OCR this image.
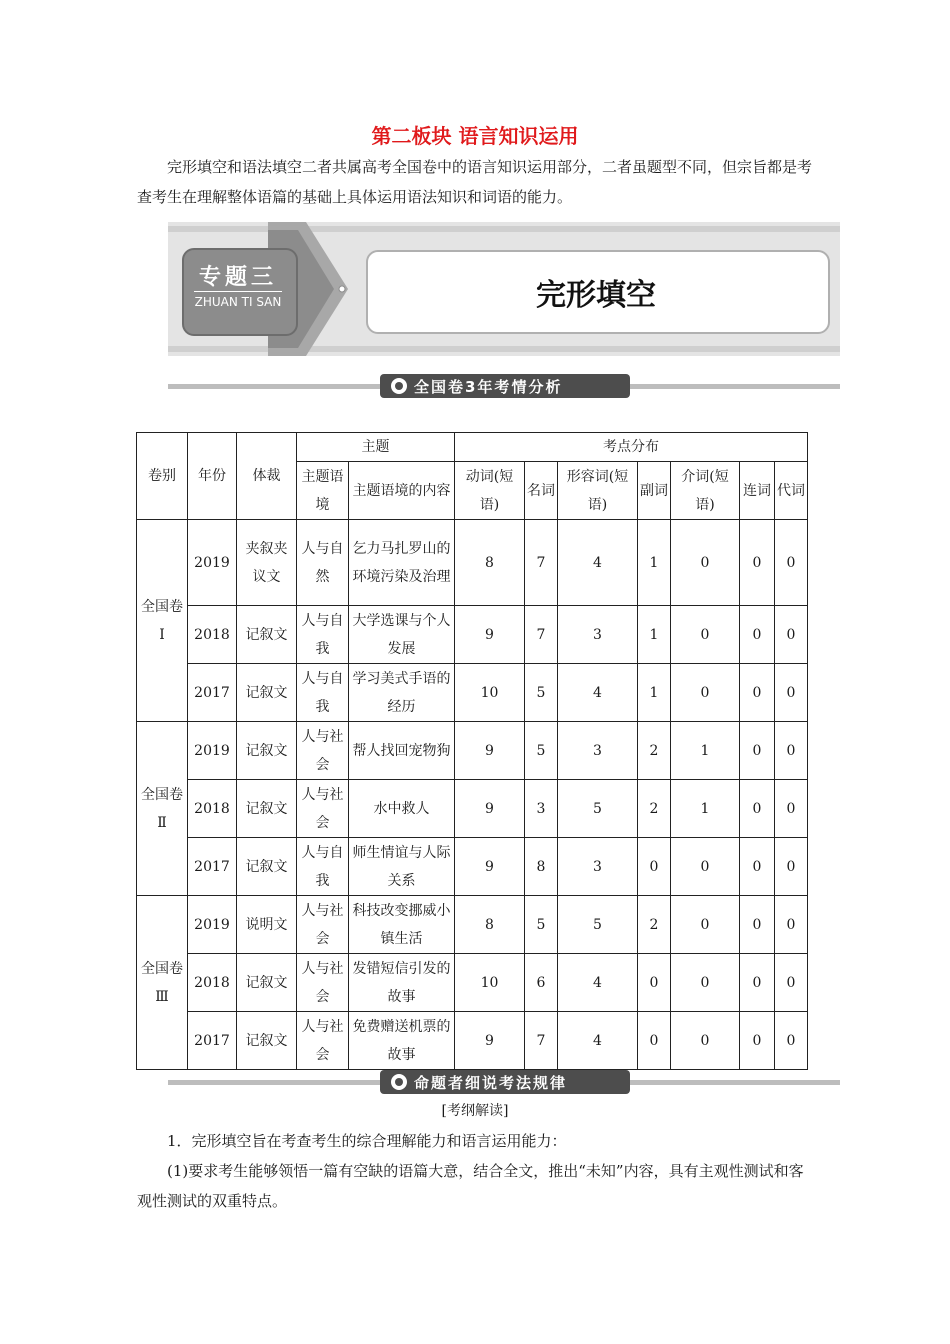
第二板块 语言知识运用
完形填空和语法填空二者共属高考全国卷中的语言知识运用部分，二者虽题型不同，但宗旨都是考查考生在理解整体语篇的基础上具体运用语法知识和词语的能力。
专题三
ZHUAN TI SAN	完形填空
全国卷3年考情分析
卷别	年份	体裁	主题		考点分布						
			主题语境	主题语境的内容	动词(短语)	名词	形容词(短语)	副词	介词(短语)	连词	代词
全国卷Ⅰ	2019	夹叙夹议文	人与自然	乞力马扎罗山的环境污染及治理	8	7	4	1	0	0	0
	2018	记叙文	人与自我	大学选课与个人发展	9	7	3	1	0	0	0
	2017	记叙文	人与自我	学习美式手语的经历	10	5	4	1	0	0	0
全国卷Ⅱ	2019	记叙文	人与社会	帮人找回宠物狗	9	5	3	2	1	0	0
	2018	记叙文	人与社会	水中救人	9	3	5	2	1	0	0
	2017	记叙文	人与自我	师生情谊与人际关系	9	8	3	0	0	0	0
全国卷Ⅲ	2019	说明文	人与社会	科技改变挪威小镇生活	8	5	5	2	0	0	0
	2018	记叙文	人与社会	发错短信引发的故事	10	6	4	0	0	0	0
	2017	记叙文	人与社会	免费赠送机票的故事	9	7	4	0	0	0	0
命题者细说考法规律
[考纲解读]
1．完形填空旨在考查考生的综合理解能力和语言运用能力：
(1)要求考生能够领悟一篇有空缺的语篇大意，结合全文，推出“未知”内容，具有主观性测试和客观性测试的双重特点。
